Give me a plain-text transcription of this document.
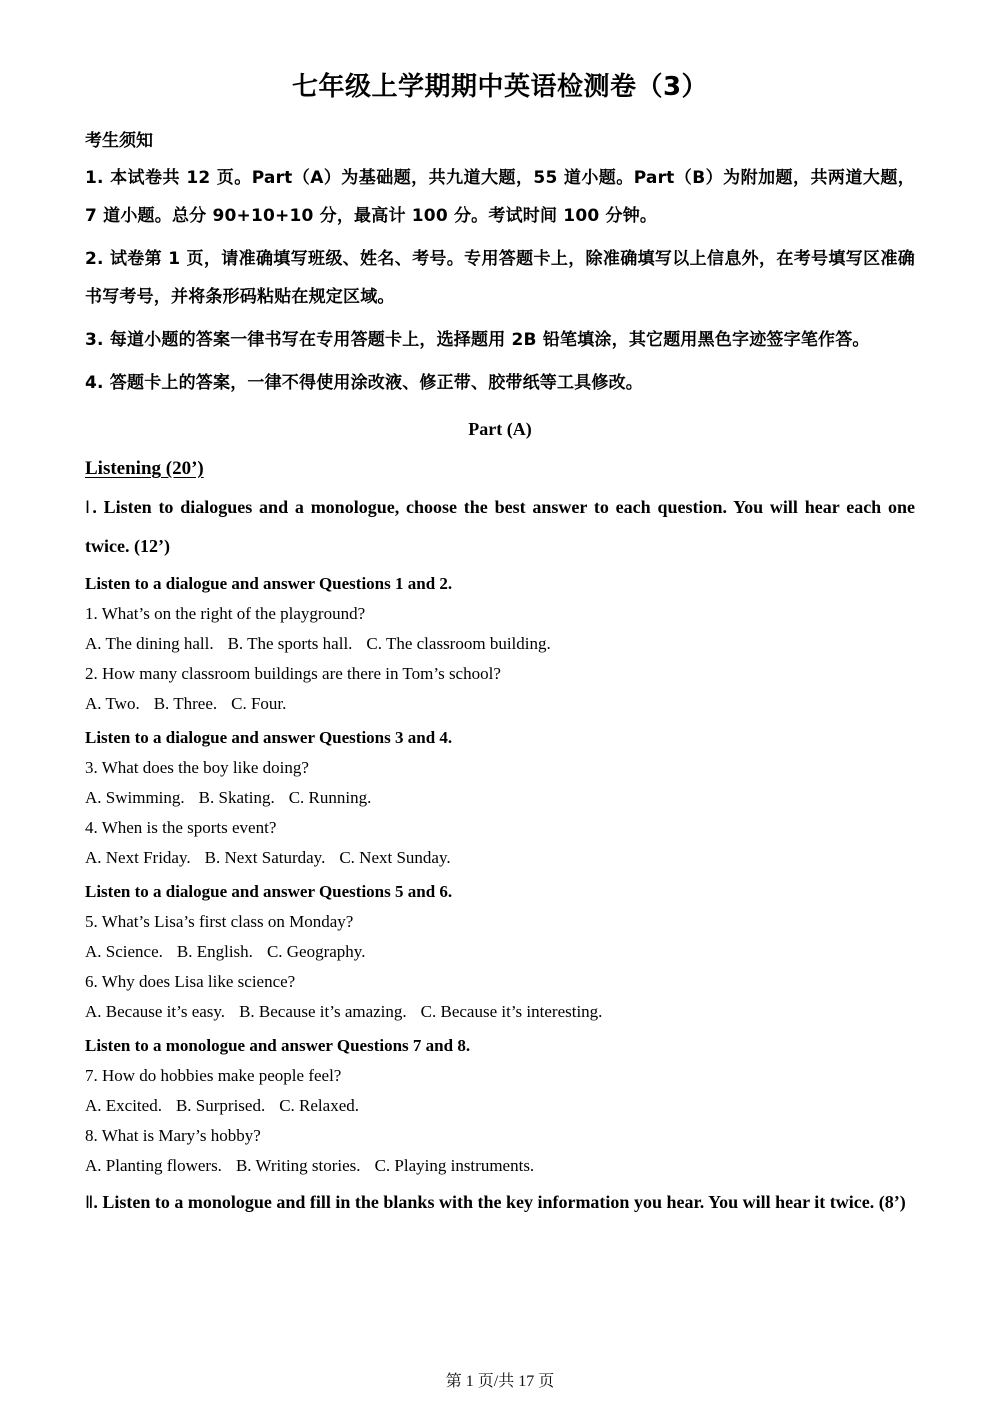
七年级上学期期中英语检测卷（3）
考生须知
1. 本试卷共 12 页。Part（A）为基础题，共九道大题，55 道小题。Part（B）为附加题，共两道大题，7 道小题。总分 90+10+10 分，最高计 100 分。考试时间 100 分钟。
2. 试卷第 1 页，请准确填写班级、姓名、考号。专用答题卡上，除准确填写以上信息外，在考号填写区准确书写考号，并将条形码粘贴在规定区域。
3. 每道小题的答案一律书写在专用答题卡上，选择题用 2B 铅笔填涂，其它题用黑色字迹签字笔作答。
4. 答题卡上的答案，一律不得使用涂改液、修正带、胶带纸等工具修改。
Part (A)
Listening (20’)
Ⅰ. Listen to dialogues and a monologue, choose the best answer to each question. You will hear each one twice. (12’)
Listen to a dialogue and answer Questions 1 and 2.
1. What’s on the right of the playground?
A. The dining hall. B. The sports hall. C. The classroom building.
2. How many classroom buildings are there in Tom’s school?
A. Two. B. Three. C. Four.
Listen to a dialogue and answer Questions 3 and 4.
3. What does the boy like doing?
A. Swimming. B. Skating. C. Running.
4. When is the sports event?
A. Next Friday. B. Next Saturday. C. Next Sunday.
Listen to a dialogue and answer Questions 5 and 6.
5. What’s Lisa’s first class on Monday?
A. Science. B. English. C. Geography.
6. Why does Lisa like science?
A. Because it’s easy. B. Because it’s amazing. C. Because it’s interesting.
Listen to a monologue and answer Questions 7 and 8.
7. How do hobbies make people feel?
A. Excited. B. Surprised. C. Relaxed.
8. What is Mary’s hobby?
A. Planting flowers. B. Writing stories. C. Playing instruments.
Ⅱ. Listen to a monologue and fill in the blanks with the key information you hear. You will hear it twice. (8’)
第 1 页/共 17 页
